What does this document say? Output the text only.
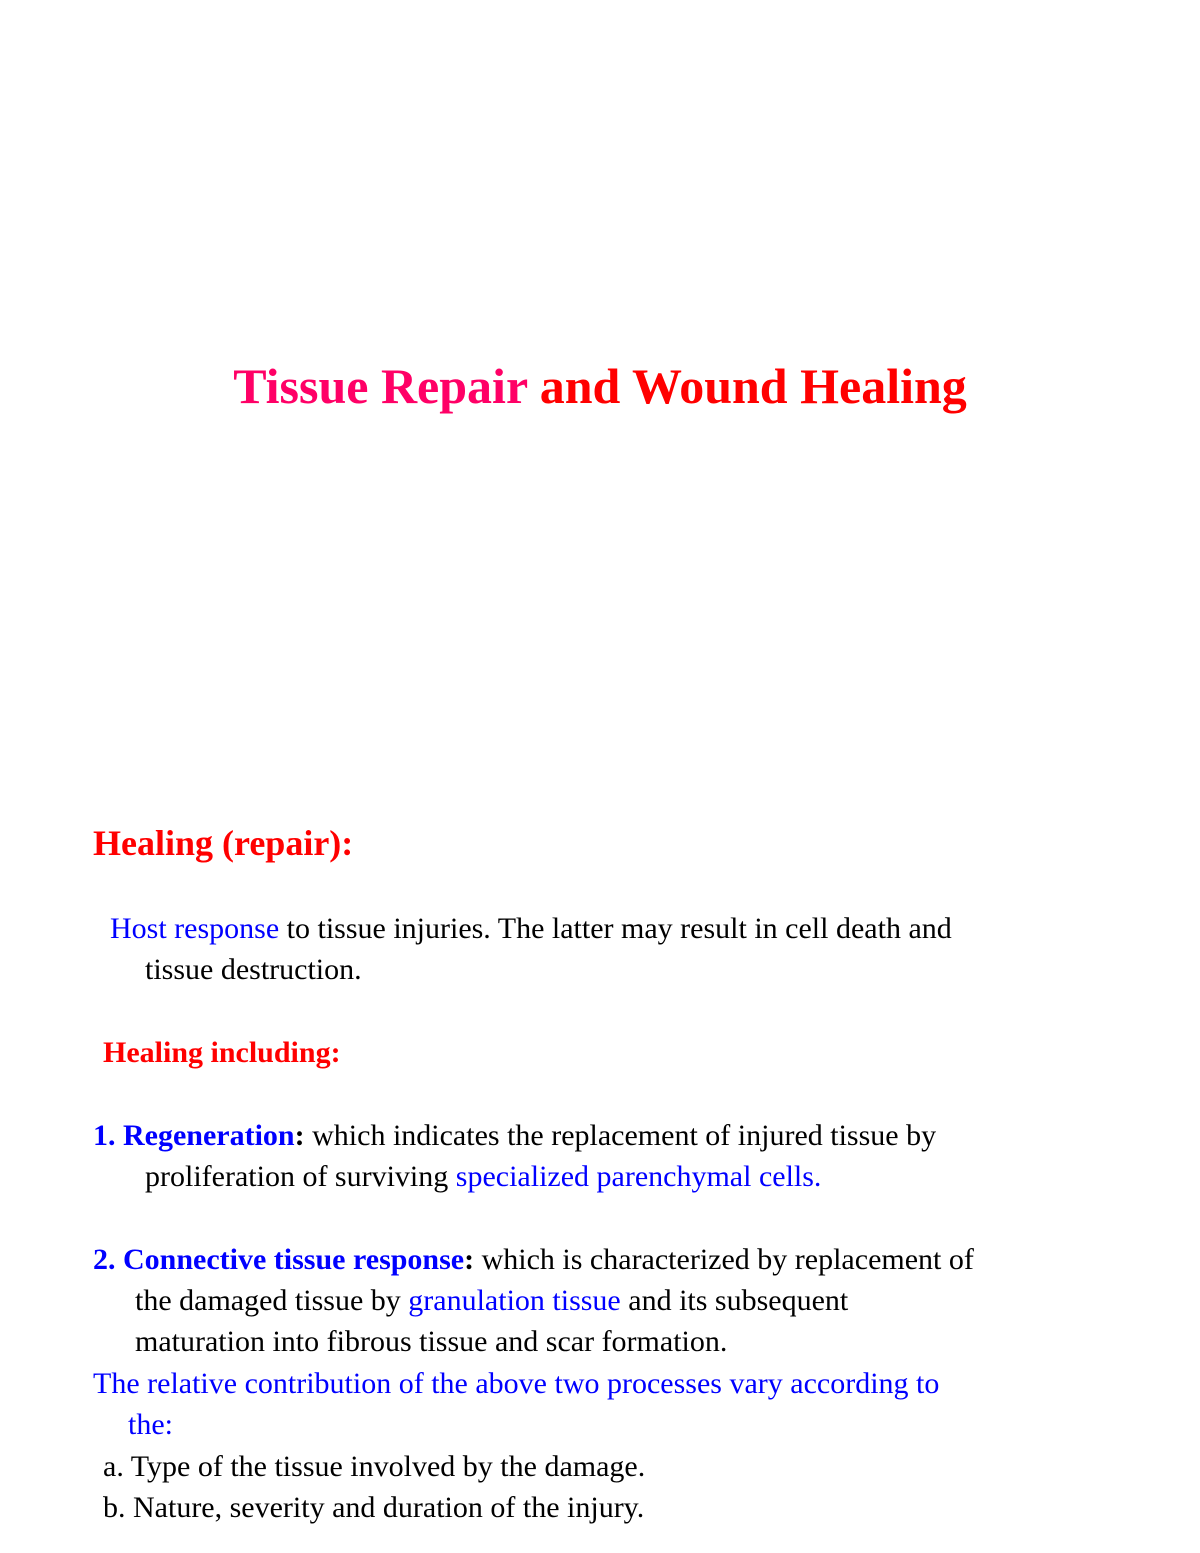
Tissue Repair and Wound Healing
Healing (repair):
Host response to tissue injuries. The latter may result in cell death and
tissue destruction.
Healing including:
1. Regeneration: which indicates the replacement of injured tissue by
proliferation of surviving specialized parenchymal cells.
2. Connective tissue response: which is characterized by replacement of
the damaged tissue by granulation tissue and its subsequent
maturation into fibrous tissue and scar formation.
The relative contribution of the above two processes vary according to
the:
a. Type of the tissue involved by the damage.
b. Nature, severity and duration of the injury.
